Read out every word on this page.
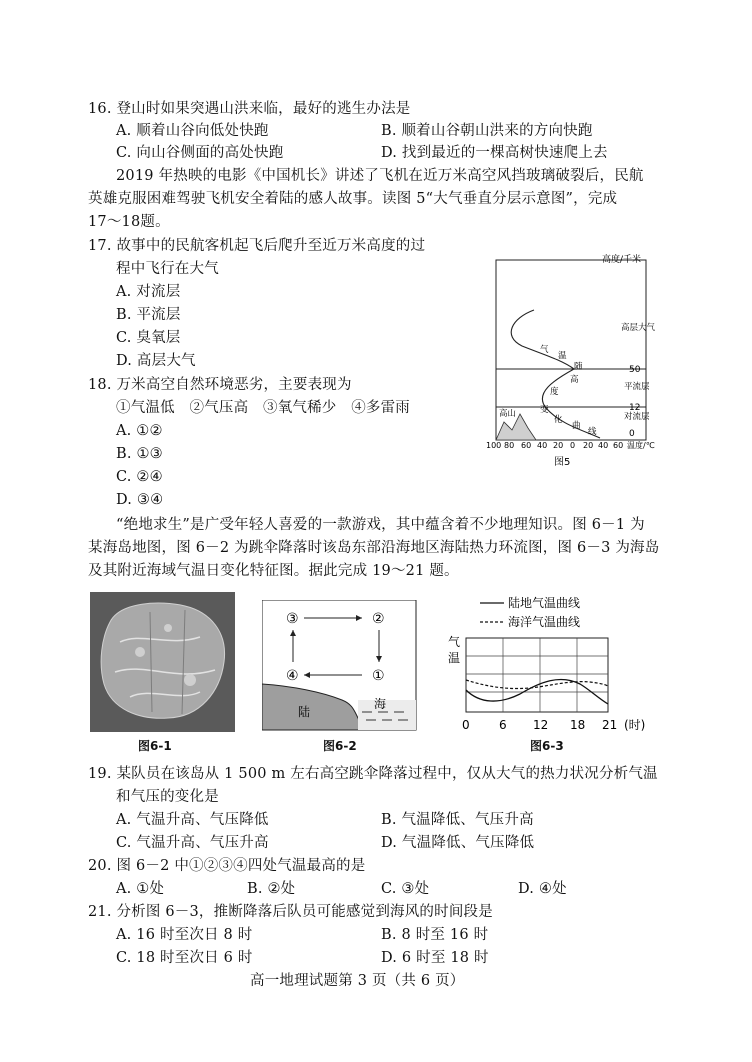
16. 登山时如果突遇山洪来临，最好的逃生办法是
A. 顺着山谷向低处快跑	B. 顺着山谷朝山洪来的方向快跑
C. 向山谷侧面的高处快跑	D. 找到最近的一棵高树快速爬上去
2019 年热映的电影《中国机长》讲述了飞机在近万米高空风挡玻璃破裂后，民航
英雄克服困难驾驶飞机安全着陆的感人故事。读图 5“大气垂直分层示意图”，完成
17～18题。
17. 故事中的民航客机起飞后爬升至近万米高度的过
程中飞行在大气
A. 对流层
B. 平流层
C. 臭氧层
D. 高层大气
18. 万米高空自然环境恶劣，主要表现为
①气温低　②气压高　③氧气稀少　④多雷雨
A. ①②
B. ①③
C. ②④
D. ③④
高度/千米
高层大气
平流层
对流层
50
12
0
气
温
随
高
度
变
化
曲
线
高山
100 80 60 40 20 0 20 40 60 温度/℃
图5
“绝地求生”是广受年轻人喜爱的一款游戏，其中蕴含着不少地理知识。图 6－1 为
某海岛地图，图 6－2 为跳伞降落时该岛东部沿海地区海陆热力环流图，图 6－3 为海岛
及其附近海域气温日变化特征图。据此完成 19～21 题。
图6-1
③	②
④	①
陆
海
图6-2
陆地气温曲线
海洋气温曲线
气
温
0 6 12 18 21 (时)
图6-3
19. 某队员在该岛从 1 500 m 左右高空跳伞降落过程中，仅从大气的热力状况分析气温
和气压的变化是
A. 气温升高、气压降低	B. 气温降低、气压升高
C. 气温升高、气压升高	D. 气温降低、气压降低
20. 图 6－2 中①②③④四处气温最高的是
A. ①处	B. ②处	C. ③处	D. ④处
21. 分析图 6－3，推断降落后队员可能感觉到海风的时间段是
A. 16 时至次日 8 时	B. 8 时至 16 时
C. 18 时至次日 6 时	D. 6 时至 18 时
高一地理试题第 3 页（共 6 页）
